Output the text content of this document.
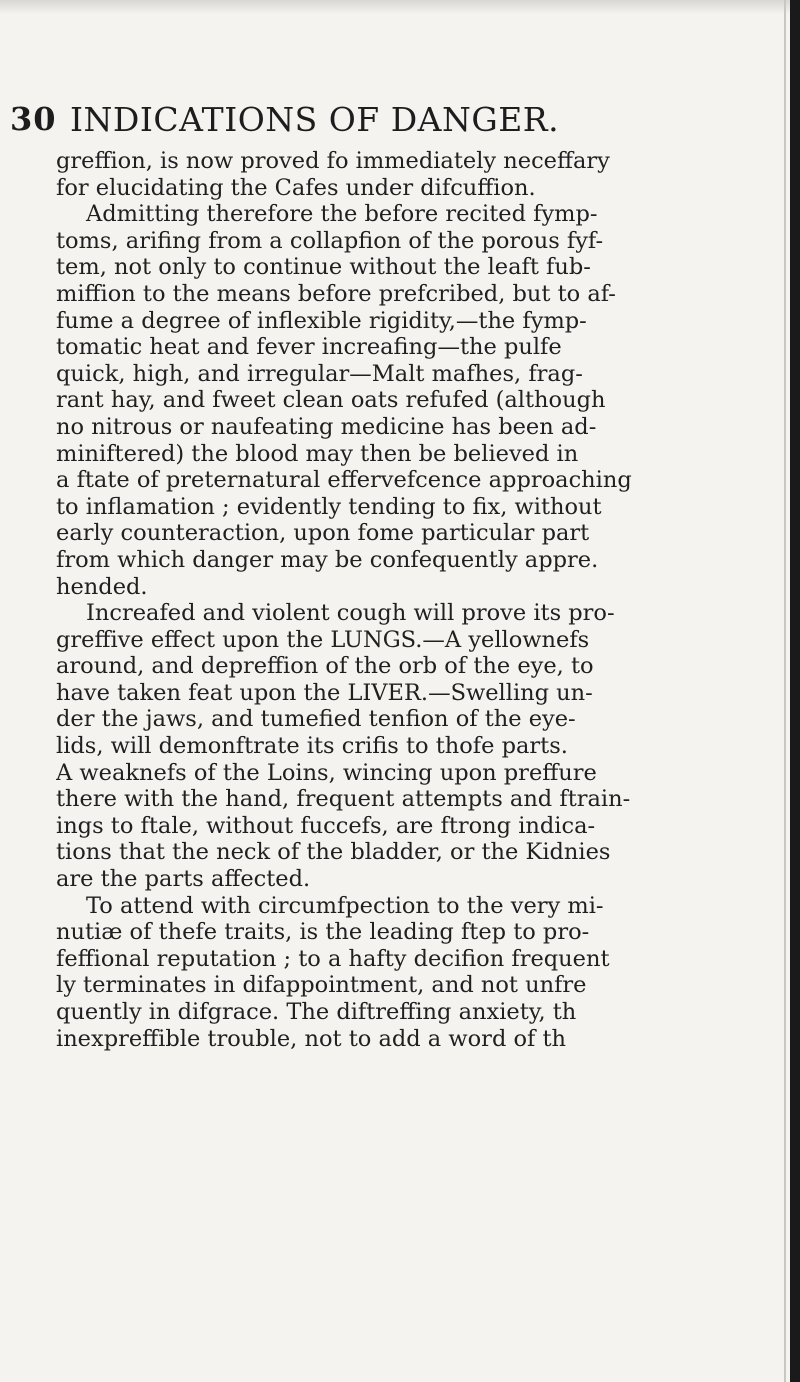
30 INDICATIONS OF DANGER.
greffion, is now proved fo immediately neceffary
for elucidating the Cafes under difcuffion.
Admitting therefore the before recited fymp-
toms, arifing from a collapfion of the porous fyf-
tem, not only to continue without the leaft fub-
miffion to the means before prefcribed, but to af-
fume a degree of inflexible rigidity,—the fymp-
tomatic heat and fever increafing—the pulfe
quick, high, and irregular—Malt mafhes, frag-
rant hay, and fweet clean oats refufed (although
no nitrous or naufeating medicine has been ad-
miniftered) the blood may then be believed in
a ftate of preternatural effervefcence approaching
to inflamation ; evidently tending to fix, without
early counteraction, upon fome particular part
from which danger may be confequently appre.
hended.
Increafed and violent cough will prove its pro-
greffive effect upon the LUNGS.—A yellownefs
around, and depreffion of the orb of the eye, to
have taken feat upon the LIVER.—Swelling un-
der the jaws, and tumefied tenfion of the eye-
lids, will demonftrate its crifis to thofe parts.
A weaknefs of the Loins, wincing upon preffure
there with the hand, frequent attempts and ftrain-
ings to ftale, without fuccefs, are ftrong indica-
tions that the neck of the bladder, or the Kidnies
are the parts affected.
To attend with circumfpection to the very mi-
nutiæ of thefe traits, is the leading ftep to pro-
feffional reputation ; to a hafty decifion frequent
ly terminates in difappointment, and not unfre
quently in difgrace. The diftreffing anxiety, th
inexpreffible trouble, not to add a word of th
